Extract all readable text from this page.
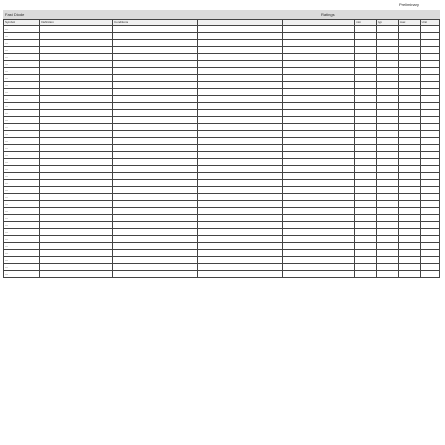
Preliminary
Fast Diode	Ratings
Symbol	Definition	Conditions			min	typ	max	Unit
—								
—								
—								
—								
—								
—								
—								
—								
—								
—								
—								
—								
—								
—								
—								
—								
—								
—								
—								
—								
—								
—								
—								
—								
—								
—								
—								
—								
—								
—								
—								
—								
—								
—								
—								
—								
